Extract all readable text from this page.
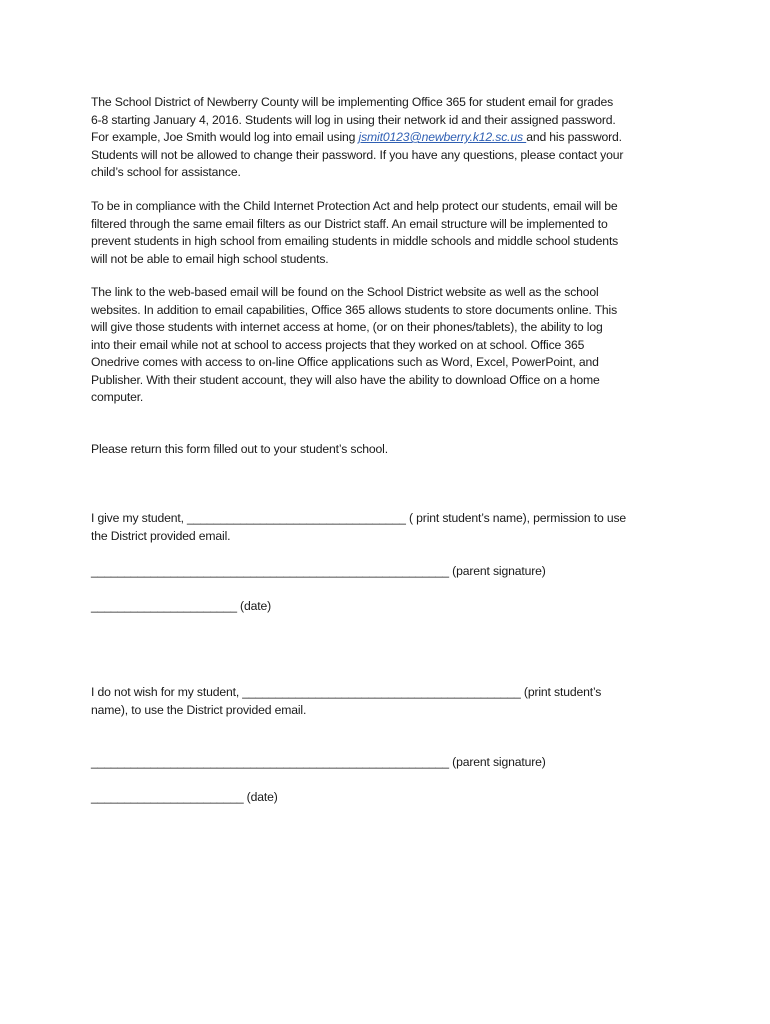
The School District of Newberry County will be implementing Office 365 for student email for grades
6-8 starting January 4, 2016. Students will log in using their network id and their assigned password.
For example, Joe Smith would log into email using jsmit0123@newberry.k12.sc.us and his password.
Students will not be allowed to change their password. If you have any questions, please contact your
child’s school for assistance.

To be in compliance with the Child Internet Protection Act and help protect our students, email will be
filtered through the same email filters as our District staff. An email structure will be implemented to
prevent students in high school from emailing students in middle schools and middle school students
will not be able to email high school students.

The link to the web-based email will be found on the School District website as well as the school
websites. In addition to email capabilities, Office 365 allows students to store documents online. This
will give those students with internet access at home, (or on their phones/tablets), the ability to log
into their email while not at school to access projects that they worked on at school. Office 365
Onedrive comes with access to on-line Office applications such as Word, Excel, PowerPoint, and
Publisher. With their student account, they will also have the ability to download Office on a home
computer.

Please return this form filled out to your student’s school.

I give my student, _________________________________ ( print student’s name), permission to use
the District provided email.

______________________________________________________ (parent signature)

______________________ (date)

I do not wish for my student, __________________________________________ (print student’s
name), to use the District provided email.

______________________________________________________ (parent signature)

_______________________ (date)
